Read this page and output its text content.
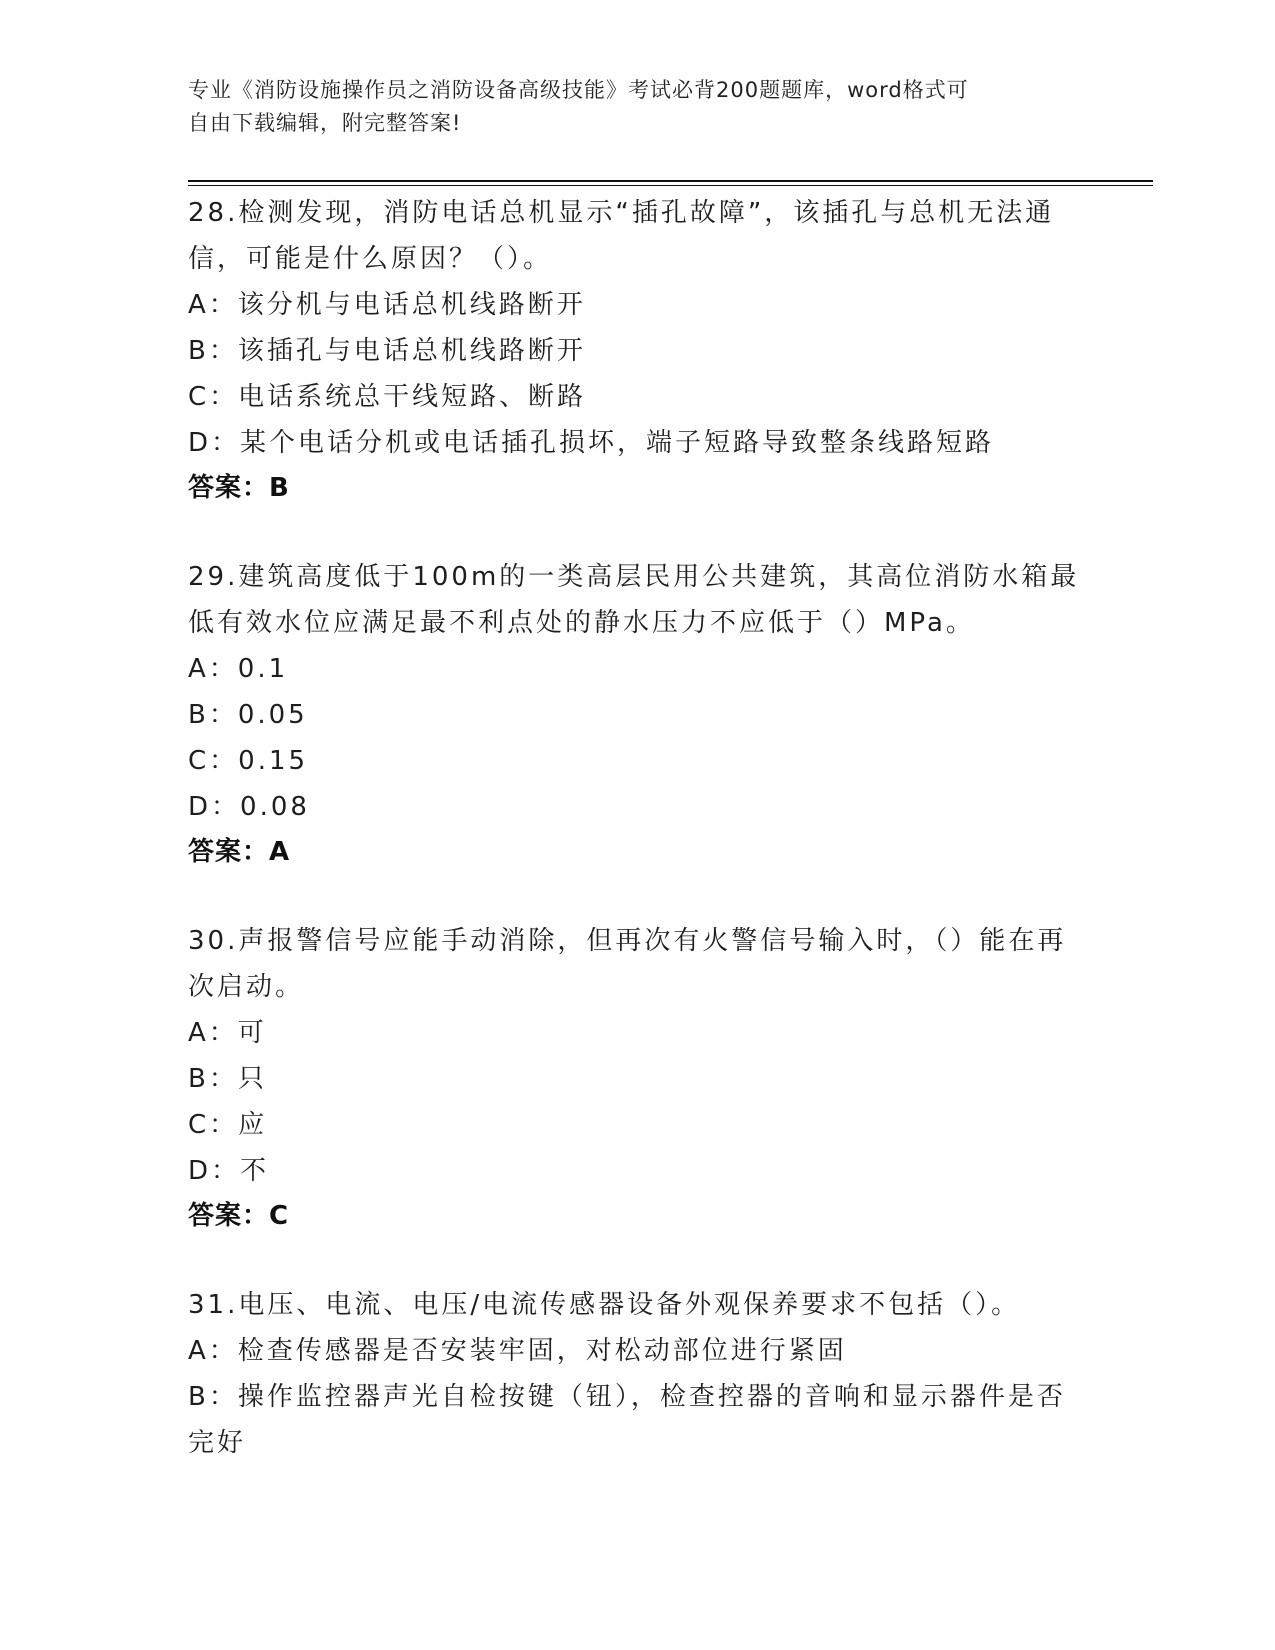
专业《消防设施操作员之消防设备高级技能》考试必背200题题库，word格式可
自由下载编辑，附完整答案!
28.检测发现，消防电话总机显示“插孔故障”，该插孔与总机无法通
信，可能是什么原因？（）。
A：该分机与电话总机线路断开
B：该插孔与电话总机线路断开
C：电话系统总干线短路、断路
D：某个电话分机或电话插孔损坏，端子短路导致整条线路短路
答案：B
29.建筑高度低于100m的一类高层民用公共建筑，其高位消防水箱最
低有效水位应满足最不利点处的静水压力不应低于（）MPa。
A：0.1
B：0.05
C：0.15
D：0.08
答案：A
30.声报警信号应能手动消除，但再次有火警信号输入时，（）能在再
次启动。
A：可
B：只
C：应
D：不
答案：C
31.电压、电流、电压/电流传感器设备外观保养要求不包括（）。
A：检查传感器是否安装牢固，对松动部位进行紧固
B：操作监控器声光自检按键（钮），检查控器的音响和显示器件是否
完好
